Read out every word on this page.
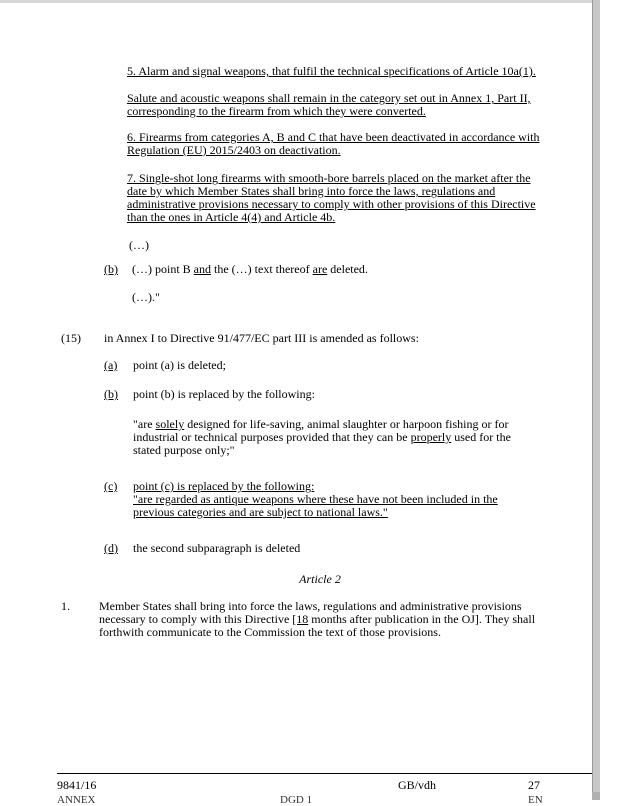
5. Alarm and signal weapons, that fulfil the technical specifications of Article 10a(1).
Salute and acoustic weapons shall remain in the category set out in Annex 1, Part II, corresponding to the firearm from which they were converted.
6. Firearms from categories A, B and C that have been deactivated in accordance with Regulation (EU) 2015/2403 on deactivation.
7. Single-shot long firearms with smooth-bore barrels placed on the market after the date by which Member States shall bring into force the laws, regulations and administrative provisions necessary to comply with other provisions of this Directive than the ones in Article 4(4) and Article 4b.
(…)
(b) (…) point B and the (…) text thereof are deleted.
(…)."
(15) in Annex I to Directive 91/477/EC part III is amended as follows:
(a) point (a) is deleted;
(b) point (b) is replaced by the following:
"are solely designed for life-saving, animal slaughter or harpoon fishing or for industrial or technical purposes provided that they can be properly used for the stated purpose only;"
(c) point (c) is replaced by the following:
"are regarded as antique weapons where these have not been included in the previous categories and are subject to national laws."
(d) the second subparagraph is deleted
Article 2
1. Member States shall bring into force the laws, regulations and administrative provisions necessary to comply with this Directive [18 months after publication in the OJ]. They shall forthwith communicate to the Commission the text of those provisions.
9841/16	GB/vdh	27
ANNEX	DGD 1	EN
